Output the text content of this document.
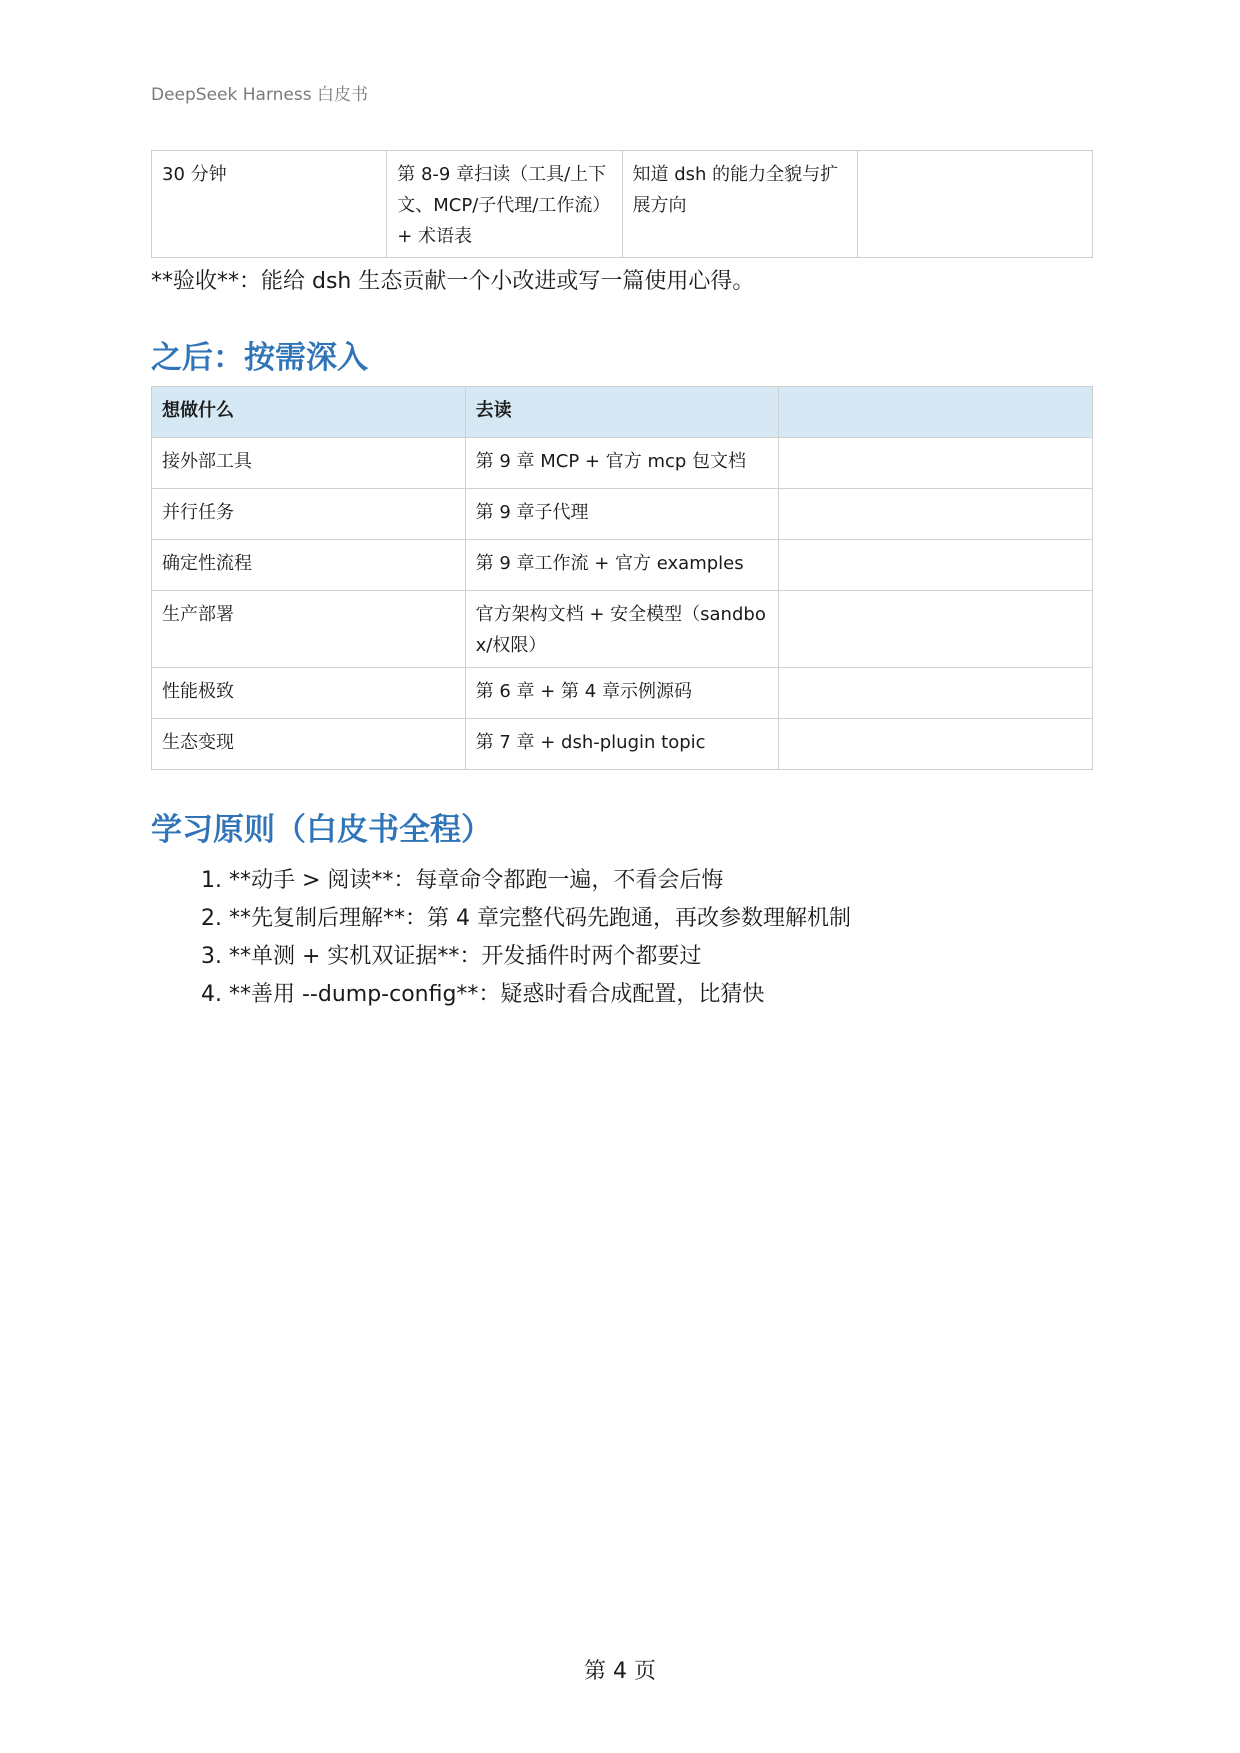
DeepSeek Harness 白皮书
30 分钟	第 8-9 章扫读（工具/上下文、MCP/子代理/工作流）+ 术语表	知道 dsh 的能力全貌与扩展方向	
**验收**：能给 dsh 生态贡献一个小改进或写一篇使用心得。
之后：按需深入
想做什么	去读	
接外部工具	第 9 章 MCP + 官方 mcp 包文档	
并行任务	第 9 章子代理	
确定性流程	第 9 章工作流 + 官方 examples	
生产部署	官方架构文档 + 安全模型（sandbox/权限）	
性能极致	第 6 章 + 第 4 章示例源码	
生态变现	第 7 章 + dsh-plugin topic	
学习原则（白皮书全程）
1. **动手 > 阅读**：每章命令都跑一遍，不看会后悔
2. **先复制后理解**：第 4 章完整代码先跑通，再改参数理解机制
3. **单测 + 实机双证据**：开发插件时两个都要过
4. **善用 --dump-config**：疑惑时看合成配置，比猜快
第 4 页
